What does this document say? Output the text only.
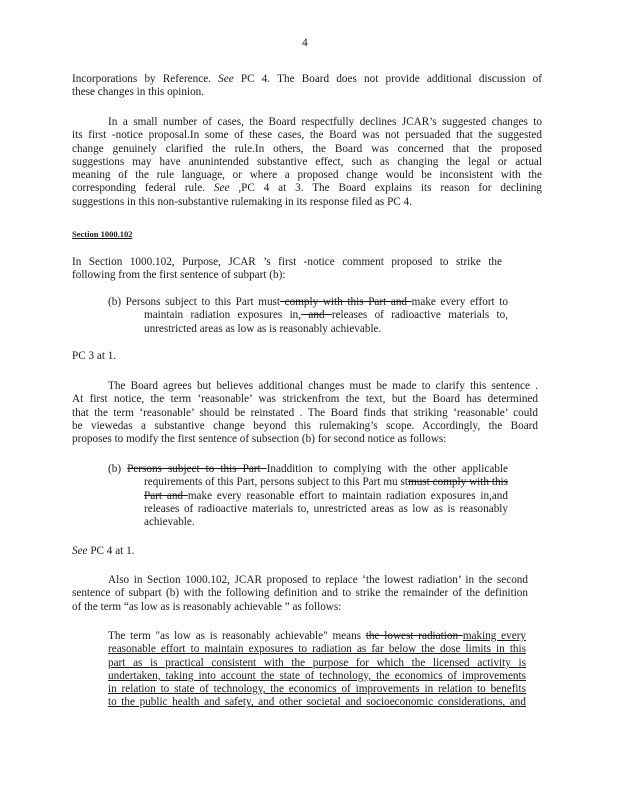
4
Incorporations by Reference. See PC 4. The Board does not provide additional discussion of
these changes in this opinion.
In a small number of cases, the Board respectfully declines JCAR’s suggested changes to
its first -notice proposal.In some of these cases, the Board was not persuaded that the suggested
change genuinely clarified the rule.In others, the Board was concerned that the proposed
suggestions may have anunintended substantive effect, such as changing the legal or actual
meaning of the rule language, or where a proposed change would be inconsistent with the
corresponding federal rule. See ,PC 4 at 3. The Board explains its reason for declining
suggestions in this non-substantive rulemaking in its response filed as PC 4.
Section 1000.102
In Section 1000.102, Purpose, JCAR ’s first -notice comment proposed to strike the
following from the first sentence of subpart (b):
(b) Persons subject to this Part must comply with this Part and make every effort to
maintain radiation exposures in, and releases of radioactive materials to,
unrestricted areas as low as is reasonably achievable.
PC 3 at 1.
The Board agrees but believes additional changes must be made to clarify this sentence .
At first notice, the term ‘reasonable’ was strickenfrom the text, but the Board has determined
that the term ‘reasonable’ should be reinstated . The Board finds that striking ‘reasonable’ could
be viewedas a substantive change beyond this rulemaking’s scope. Accordingly, the Board
proposes to modify the first sentence of subsection (b) for second notice as follows:
(b) Persons subject to this Part Inaddition to complying with the other applicable
requirements of this Part, persons subject to this Part mu stmust comply with this
Part and make every reasonable effort to maintain radiation exposures in,and
releases of radioactive materials to, unrestricted areas as low as is reasonably
achievable.
See PC 4 at 1.
Also in Section 1000.102, JCAR proposed to replace ‘the lowest radiation’ in the second
sentence of subpart (b) with the following definition and to strike the remainder of the definition
of the term “as low as is reasonably achievable ” as follows:
The term "as low as is reasonably achievable" means the lowest radiation making every
reasonable effort to maintain exposures to radiation as far below the dose limits in this
part as is practical consistent with the purpose for which the licensed activity is
undertaken, taking into account the state of technology, the economics of improvements
in relation to state of technology, the economics of improvements in relation to benefits
to the public health and safety, and other societal and socioeconomic considerations, and
